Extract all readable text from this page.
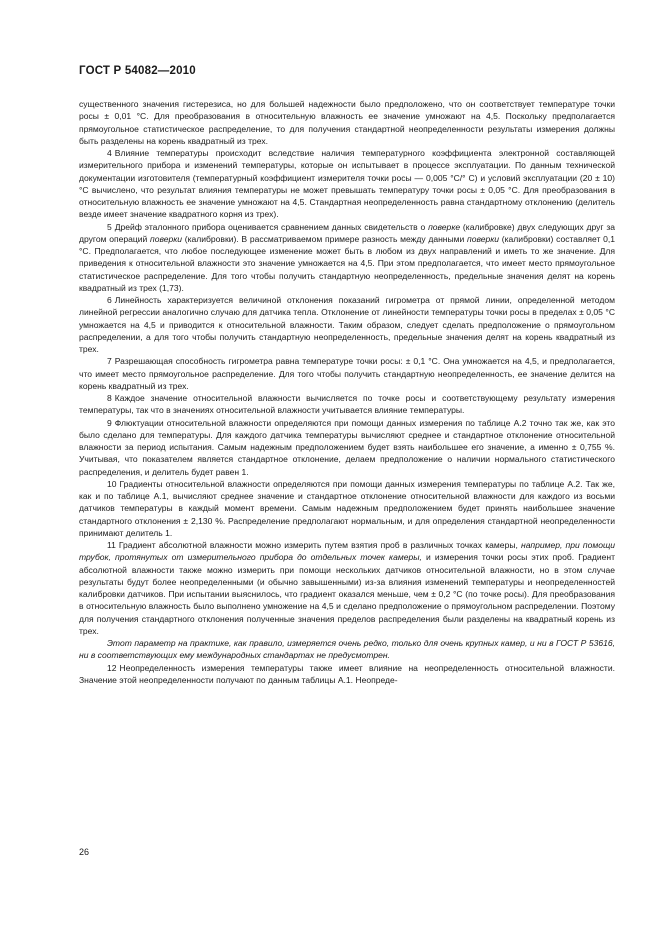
ГОСТ Р 54082—2010

существенного значения гистерезиса, но для большей надежности было предположено, что он соответствует температуре точки росы ± 0,01 °С. Для преобразования в относительную влажность ее значение умножают на 4,5. Поскольку предполагается прямоугольное статистическое распределение, то для получения стандартной неопределенности результаты измерения должны быть разделены на корень квадратный из трех.

4 Влияние температуры происходит вследствие наличия температурного коэффициента электронной составляющей измерительного прибора и изменений температуры, которые он испытывает в процессе эксплуатации. По данным технической документации изготовителя (температурный коэффициент измерителя точки росы — 0,005 °С/° С) и условий эксплуатации (20 ± 10) °С вычислено, что результат влияния температуры не может превышать температуру точки росы ± 0,05 °С. Для преобразования в относительную влажность ее значение умножают на 4,5. Стандартная неопределенность равна стандартному отклонению (делитель везде имеет значение квадратного корня из трех).

5 Дрейф эталонного прибора оценивается сравнением данных свидетельств о поверке (калибровке) двух следующих друг за другом операций поверки (калибровки). В рассматриваемом примере разность между данными поверки (калибровки) составляет 0,1 °С. Предполагается, что любое последующее изменение может быть в любом из двух направлений и иметь то же значение. Для приведения к относительной влажности это значение умножается на 4,5. При этом предполагается, что имеет место прямоугольное статистическое распределение. Для того чтобы получить стандартную неопределенность, предельные значения делят на корень квадратный из трех (1,73).

6 Линейность характеризуется величиной отклонения показаний гигрометра от прямой линии, определенной методом линейной регрессии аналогично случаю для датчика тепла. Отклонение от линейности температуры точки росы в пределах ± 0,05 °С умножается на 4,5 и приводится к относительной влажности. Таким образом, следует сделать предположение о прямоугольном распределении, а для того чтобы получить стандартную неопределенность, предельные значения делят на корень квадратный из трех.

7 Разрешающая способность гигрометра равна температуре точки росы: ± 0,1 °С. Она умножается на 4,5, и предполагается, что имеет место прямоугольное распределение. Для того чтобы получить стандартную неопределенность, ее значение делится на корень квадратный из трех.

8 Каждое значение относительной влажности вычисляется по точке росы и соответствующему результату измерения температуры, так что в значениях относительной влажности учитывается влияние температуры.

9 Флюктуации относительной влажности определяются при помощи данных измерения по таблице А.2 точно так же, как это было сделано для температуры. Для каждого датчика температуры вычисляют среднее и стандартное отклонение относительной влажности за период испытания. Самым надежным предположением будет взять наибольшее его значение, а именно ± 0,755 %. Учитывая, что показателем является стандартное отклонение, делаем предположение о наличии нормального статистического распределения, и делитель будет равен 1.

10 Градиенты относительной влажности определяются при помощи данных измерения температуры по таблице А.2. Так же, как и по таблице А.1, вычисляют среднее значение и стандартное отклонение относительной влажности для каждого из восьми датчиков температуры в каждый момент времени. Самым надежным предположением будет принять наибольшее значение стандартного отклонения ± 2,130 %. Распределение предполагают нормальным, и для определения стандартной неопределенности принимают делитель 1.

11 Градиент абсолютной влажности можно измерить путем взятия проб в различных точках камеры, например, при помощи трубок, протянутых от измерительного прибора до отдельных точек камеры, и измерения точки росы этих проб. Градиент абсолютной влажности также можно измерить при помощи нескольких датчиков относительной влажности, но в этом случае результаты будут более неопределенными (и обычно завышенными) из-за влияния изменений температуры и неопределенностей калибровки датчиков. При испытании выяснилось, что градиент оказался меньше, чем ± 0,2 °С (по точке росы). Для преобразования в относительную влажность было выполнено умножение на 4,5 и сделано предположение о прямоугольном распределении. Поэтому для получения стандартного отклонения полученные значения пределов распределения были разделены на квадратный корень из трех.

Этот параметр на практике, как правило, измеряется очень редко, только для очень крупных камер, и ни в ГОСТ Р 53616, ни в соответствующих ему международных стандартах не предусмотрен.

12 Неопределенность измерения температуры также имеет влияние на неопределенность относительной влажности. Значение этой неопределенности получают по данным таблицы А.1. Неопреде-

26
